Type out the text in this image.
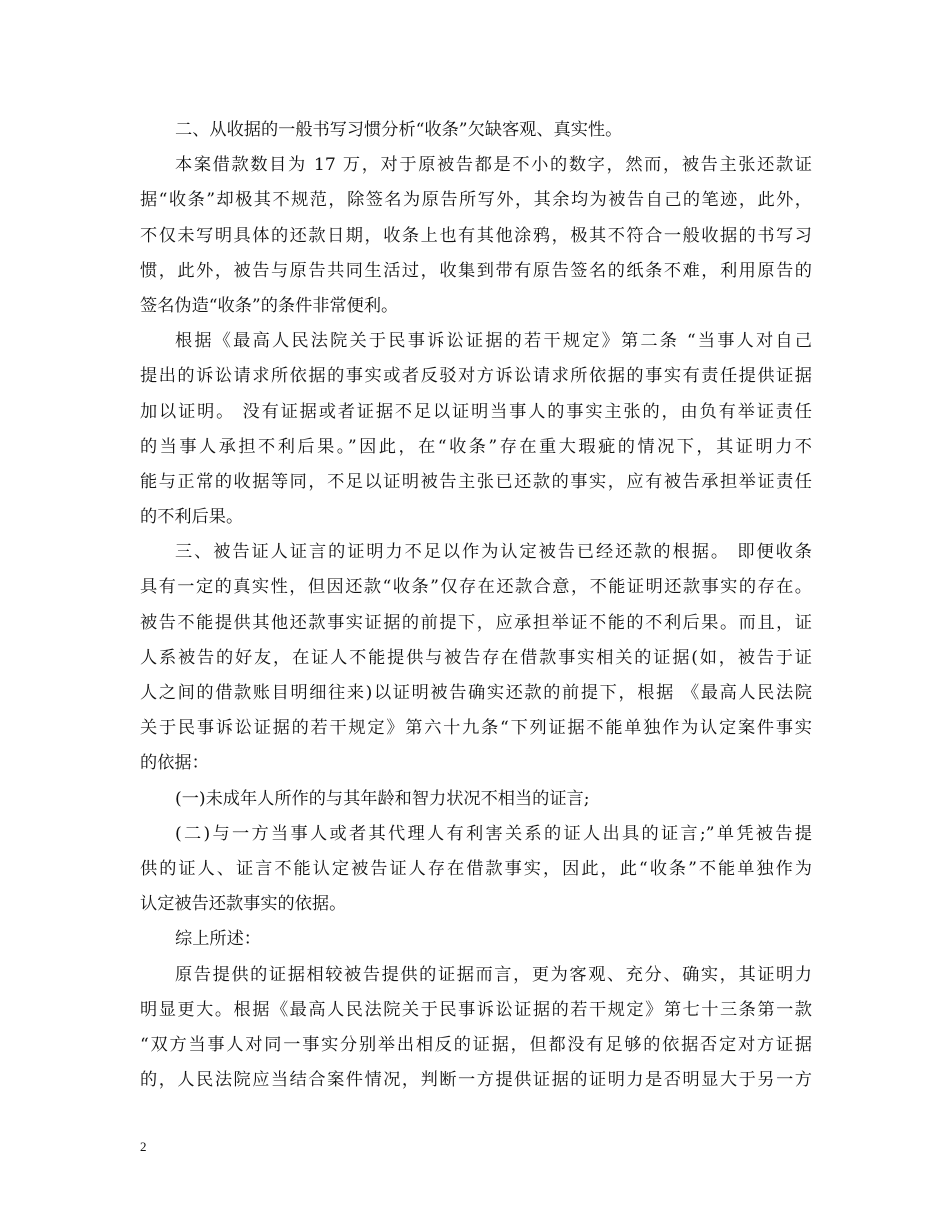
二、从收据的一般书写习惯分析“收条”欠缺客观、真实性。
本案借款数目为 17 万，对于原被告都是不小的数字，然而，被告主张还款证
据“收条”却极其不规范，除签名为原告所写外，其余均为被告自己的笔迹，此外，
不仅未写明具体的还款日期，收条上也有其他涂鸦，极其不符合一般收据的书写习
惯，此外，被告与原告共同生活过，收集到带有原告签名的纸条不难，利用原告的
签名伪造“收条”的条件非常便利。
根据《最高人民法院关于民事诉讼证据的若干规定》第二条 “当事人对自己
提出的诉讼请求所依据的事实或者反驳对方诉讼请求所依据的事实有责任提供证据
加以证明。 没有证据或者证据不足以证明当事人的事实主张的，由负有举证责任
的当事人承担不利后果。”因此，在“收条”存在重大瑕疵的情况下，其证明力不
能与正常的收据等同，不足以证明被告主张已还款的事实，应有被告承担举证责任
的不利后果。
三、被告证人证言的证明力不足以作为认定被告已经还款的根据。 即便收条
具有一定的真实性，但因还款“收条”仅存在还款合意，不能证明还款事实的存在。
被告不能提供其他还款事实证据的前提下，应承担举证不能的不利后果。而且，证
人系被告的好友，在证人不能提供与被告存在借款事实相关的证据(如，被告于证
人之间的借款账目明细往来)以证明被告确实还款的前提下，根据 《最高人民法院
关于民事诉讼证据的若干规定》第六十九条“下列证据不能单独作为认定案件事实
的依据：
(一)未成年人所作的与其年龄和智力状况不相当的证言;
(二)与一方当事人或者其代理人有利害关系的证人出具的证言;”单凭被告提
供的证人、证言不能认定被告证人存在借款事实，因此，此“收条”不能单独作为
认定被告还款事实的依据。
综上所述：
原告提供的证据相较被告提供的证据而言，更为客观、充分、确实，其证明力
明显更大。根据《最高人民法院关于民事诉讼证据的若干规定》第七十三条第一款
“双方当事人对同一事实分别举出相反的证据，但都没有足够的依据否定对方证据
的，人民法院应当结合案件情况，判断一方提供证据的证明力是否明显大于另一方
2
